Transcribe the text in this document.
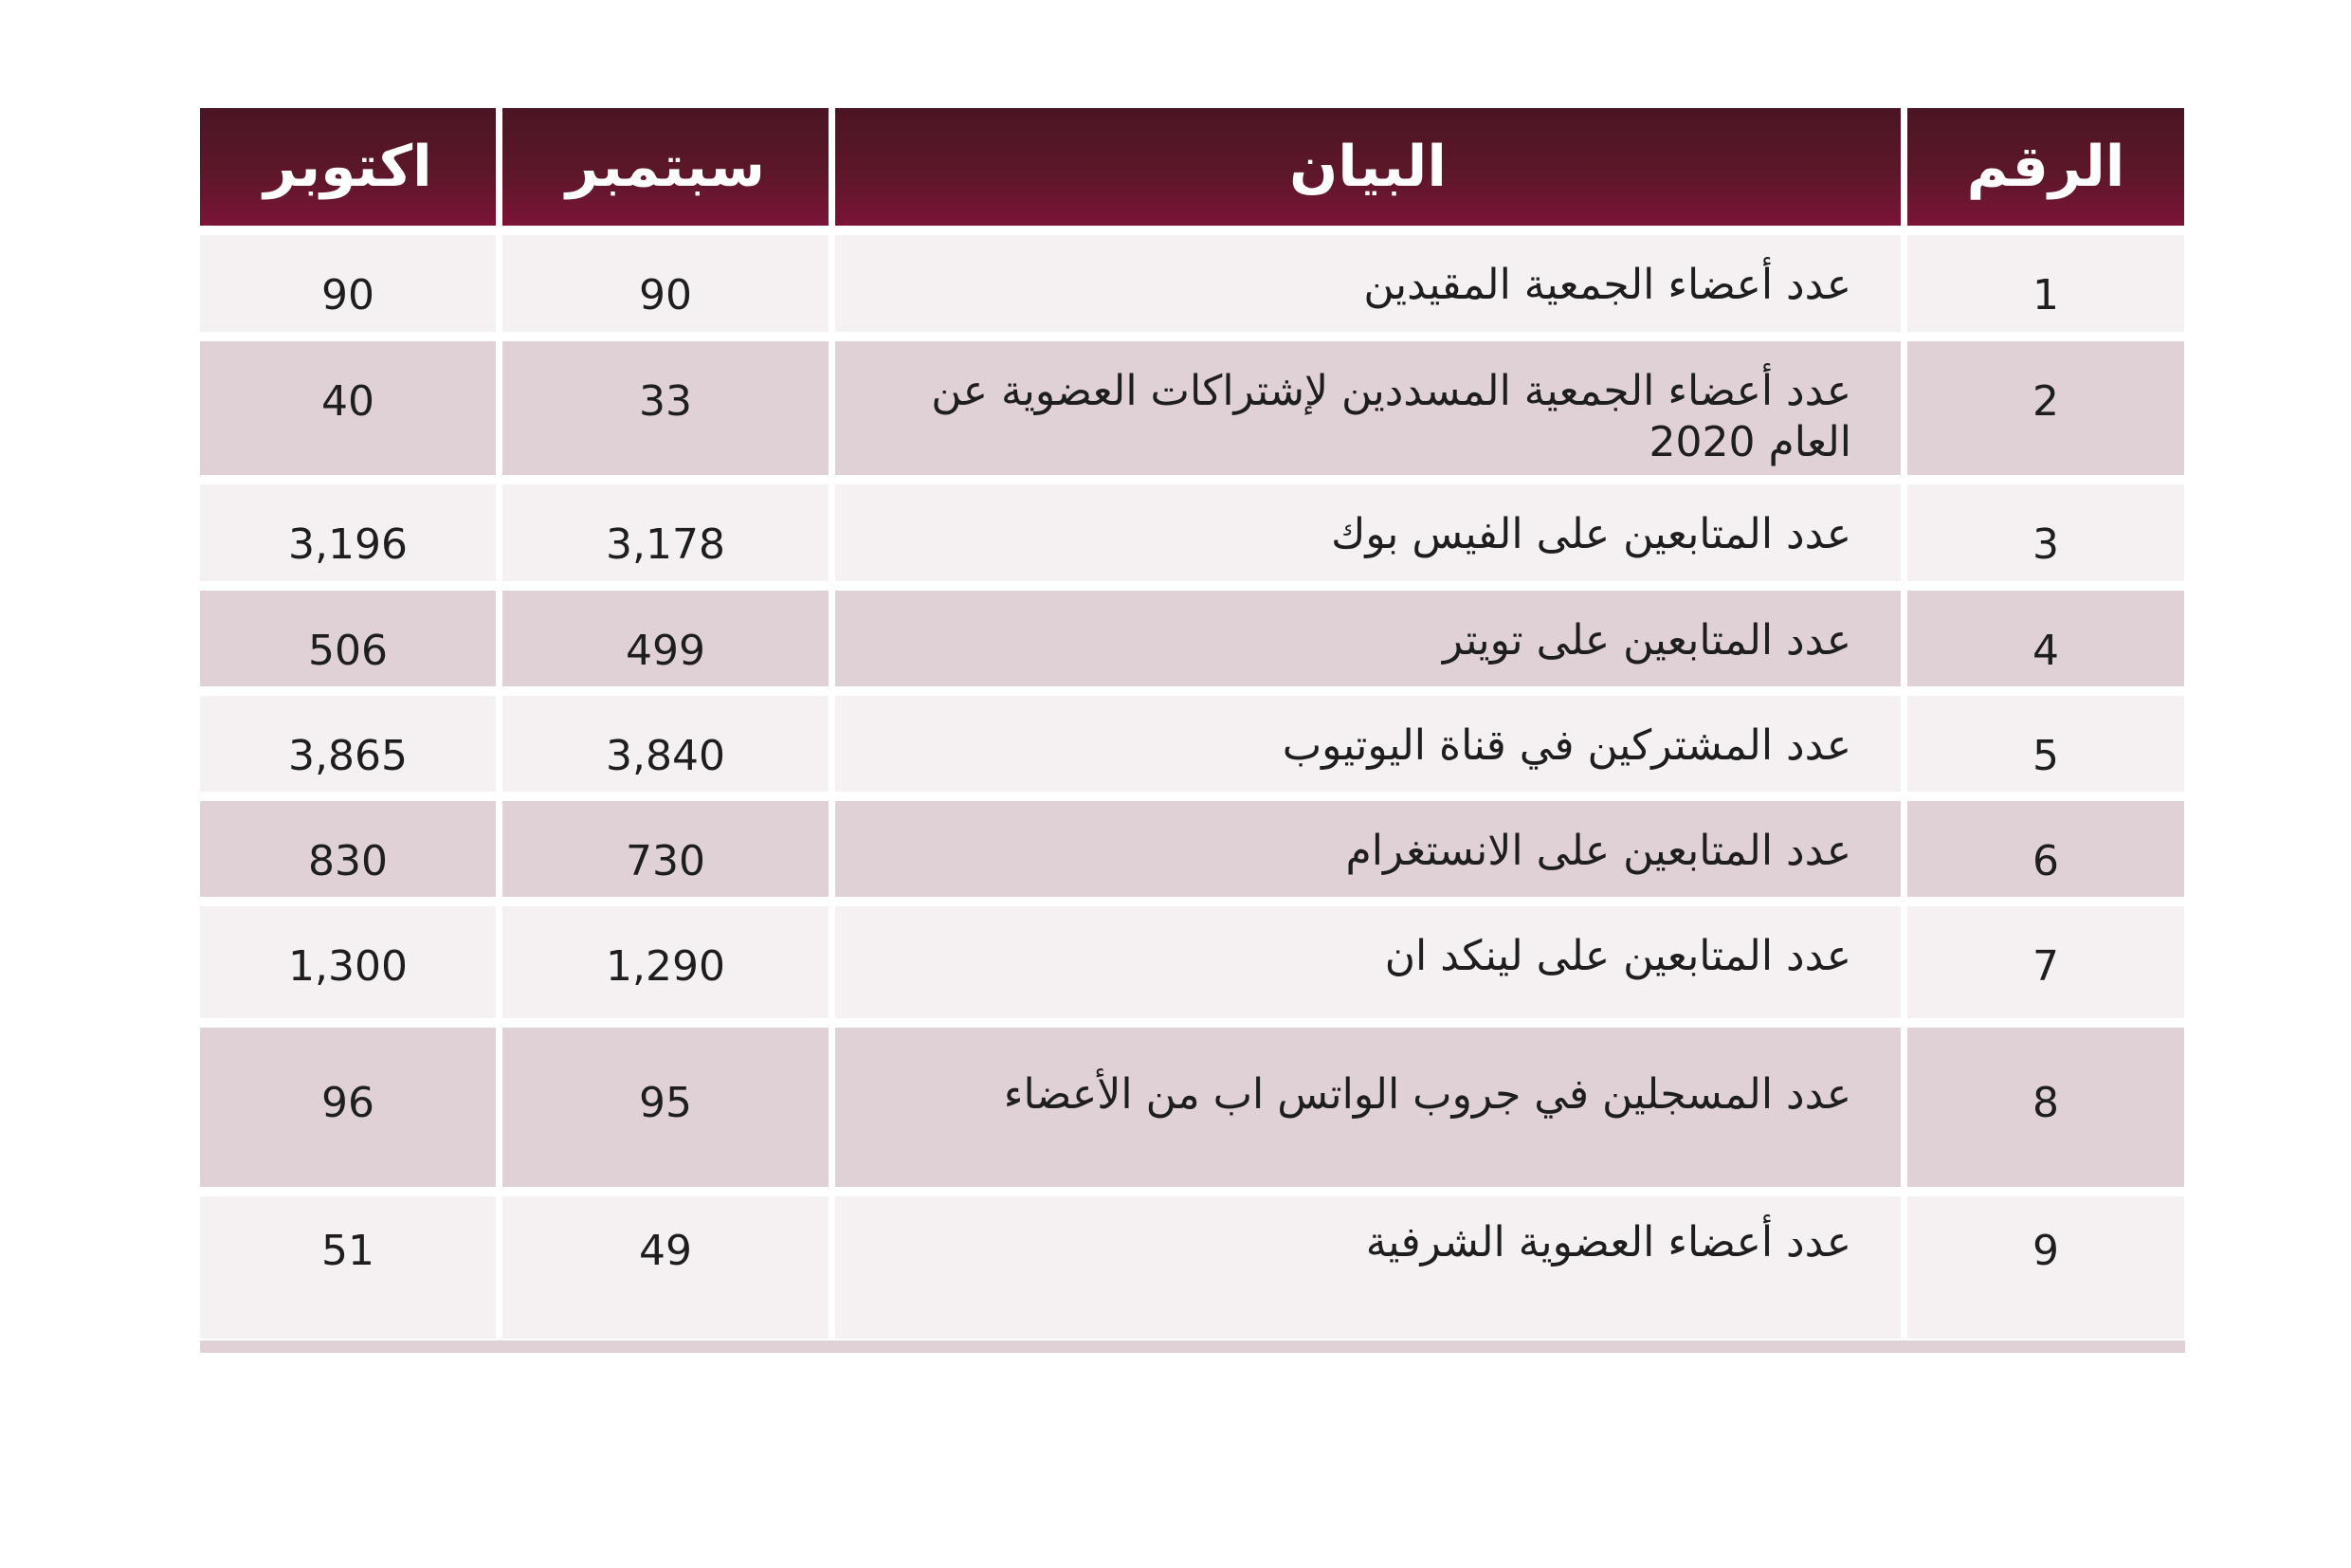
اكتوبر	سبتمبر	البيان	الرقم
90	90	عدد أعضاء الجمعية المقيدين	1
40	33	عدد أعضاء الجمعية المسددين لإشتراكات العضوية عن العام 2020	2
3,196	3,178	عدد المتابعين على الفيس بوك	3
506	499	عدد المتابعين على تويتر	4
3,865	3,840	عدد المشتركين في قناة اليوتيوب	5
830	730	عدد المتابعين على الانستغرام	6
1,300	1,290	عدد المتابعين على لينكد ان	7
96	95	عدد المسجلين في جروب الواتس اب من الأعضاء	8
51	49	عدد أعضاء العضوية الشرفية	9
